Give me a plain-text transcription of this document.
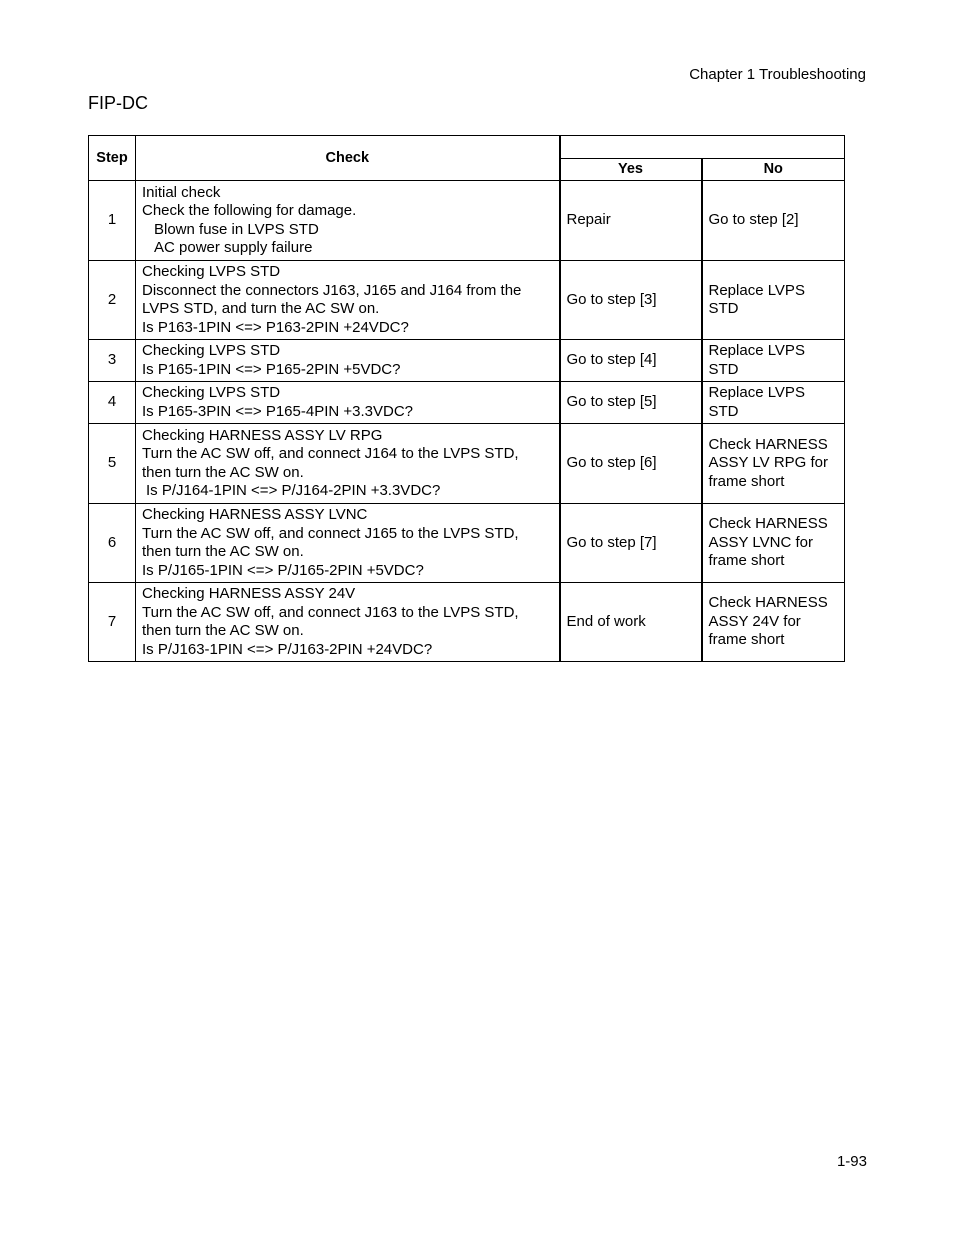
Chapter 1 Troubleshooting
FIP-DC
Step	Check		
		Yes	No
1	Initial check
Check the following for damage.
Blown fuse in LVPS STD
AC power supply failure	Repair	Go to step [2]

2	Checking LVPS STD
Disconnect the connectors J163, J165 and J164 from the
LVPS STD, and turn the AC SW on.
Is P163-1PIN <=> P163-2PIN +24VDC?	Go to step [3]	Replace LVPS
STD

3	Checking LVPS STD
Is P165-1PIN <=> P165-2PIN +5VDC?	Go to step [4]	Replace LVPS
STD

4	Checking LVPS STD
Is P165-3PIN <=> P165-4PIN +3.3VDC?	Go to step [5]	Replace LVPS
STD

5	Checking HARNESS ASSY LV RPG
Turn the AC SW off, and connect J164 to the LVPS STD,
then turn the AC SW on.
Is P/J164-1PIN <=> P/J164-2PIN +3.3VDC?	Go to step [6]	Check HARNESS
ASSY LV RPG for
frame short

6	Checking HARNESS ASSY LVNC
Turn the AC SW off, and connect J165 to the LVPS STD,
then turn the AC SW on.
Is P/J165-1PIN <=> P/J165-2PIN +5VDC?	Go to step [7]	Check HARNESS
ASSY LVNC for
frame short

7	Checking HARNESS ASSY 24V
Turn the AC SW off, and connect J163 to the LVPS STD,
then turn the AC SW on.
Is P/J163-1PIN <=> P/J163-2PIN +24VDC?	End of work	Check HARNESS
ASSY 24V for
frame short
1-93
